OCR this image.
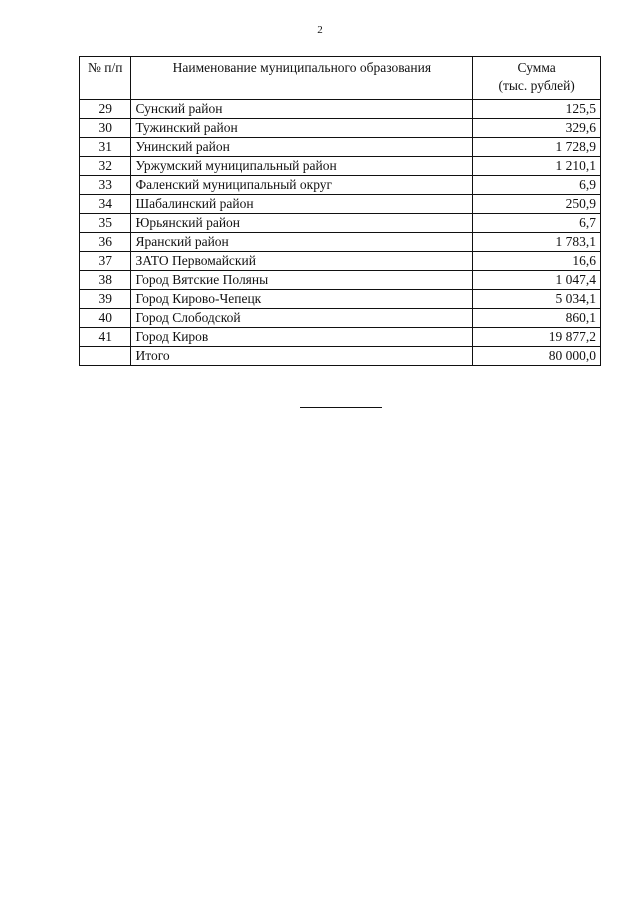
2
№ п/п	Наименование муниципального образования	Сумма
(тыс. рублей)

29	Сунский район	125,5
30	Тужинский район	329,6
31	Унинский район	1 728,9
32	Уржумский муниципальный район	1 210,1
33	Фаленский муниципальный округ	6,9
34	Шабалинский район	250,9
35	Юрьянский район	6,7
36	Яранский район	1 783,1
37	ЗАТО Первомайский	16,6
38	Город Вятские Поляны	1 047,4
39	Город Кирово-Чепецк	5 034,1
40	Город Слободской	860,1
41	Город Киров	19 877,2
	Итого	80 000,0
